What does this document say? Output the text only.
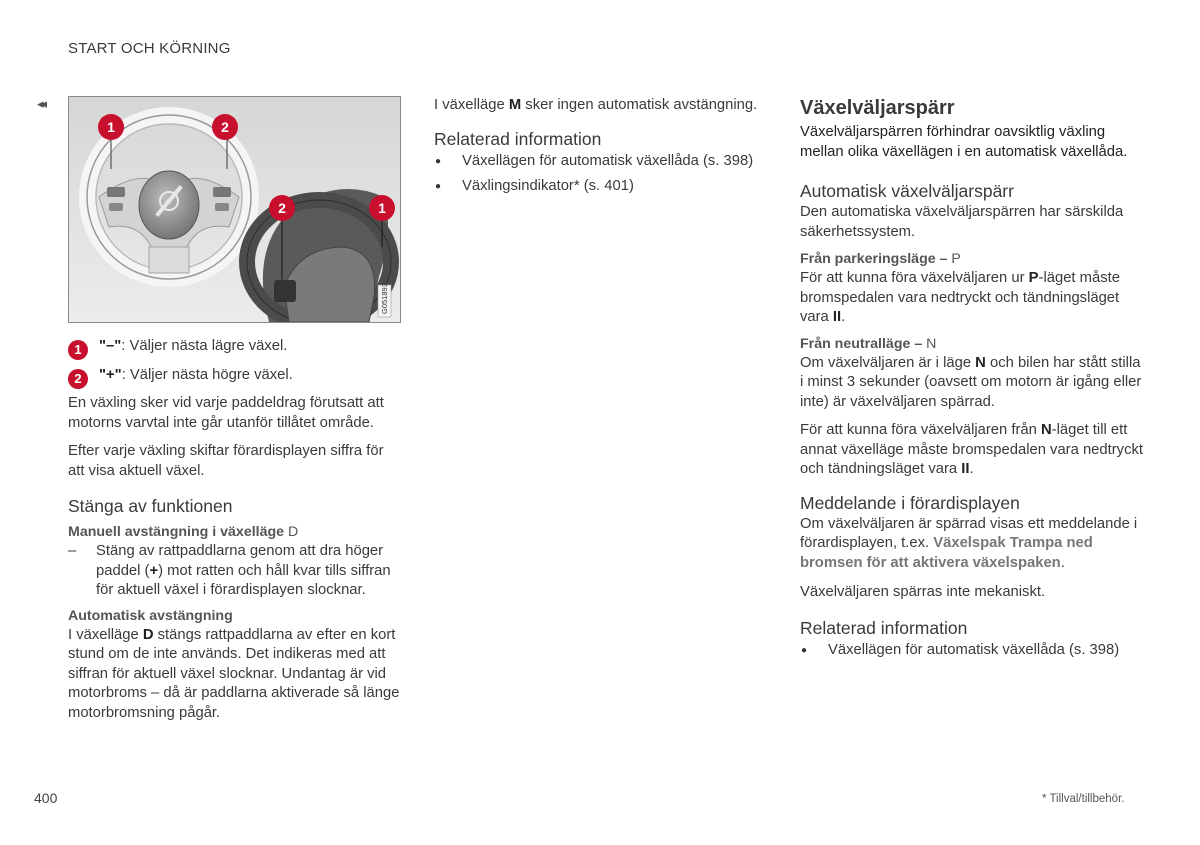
START OCH KÖRNING
◂◂
G051893
1	2
2	1
1	"–": Väljer nästa lägre växel.
2	"+": Väljer nästa högre växel.

En växling sker vid varje paddeldrag förutsatt att motorns varvtal inte går utanför tillåtet område.

Efter varje växling skiftar förardisplayen siffra för att visa aktuell växel.

Stänga av funktionen
Manuell avstängning i växelläge D
– Stäng av rattpaddlarna genom att dra höger paddel (+) mot ratten och håll kvar tills siffran för aktuell växel i förardisplayen slocknar.
Automatisk avstängning

I växelläge D stängs rattpaddlarna av efter en kort stund om de inte används. Det indikeras med att siffran för aktuell växel slocknar. Undantag är vid motorbroms – då är paddlarna aktiverade så länge motorbromsning pågår.

I växelläge M sker ingen automatisk avstängning.

Relaterad information
● Växellägen för automatisk växellåda (s. 398)
● Växlingsindikator* (s. 401)
Växelväljarspärr

Växelväljarspärren förhindrar oavsiktlig växling mellan olika växellägen i en automatisk växellåda.

Automatisk växelväljarspärr

Den automatiska växelväljarspärren har särskilda säkerhetssystem.

Från parkeringsläge – P

För att kunna föra växelväljaren ur P-läget måste bromspedalen vara nedtryckt och tändningsläget vara II.

Från neutralläge – N

Om växelväljaren är i läge N och bilen har stått stilla i minst 3 sekunder (oavsett om motorn är igång eller inte) är växelväljaren spärrad.

För att kunna föra växelväljaren från N-läget till ett annat växelläge måste bromspedalen vara nedtryckt och tändningsläget vara II.

Meddelande i förardisplayen

Om växelväljaren är spärrad visas ett meddelande i förardisplayen, t.ex. Växelspak Trampa ned bromsen för att aktivera växelspaken.

Växelväljaren spärras inte mekaniskt.

Relaterad information
● Växellägen för automatisk växellåda (s. 398)
400	* Tillval/tillbehör.
